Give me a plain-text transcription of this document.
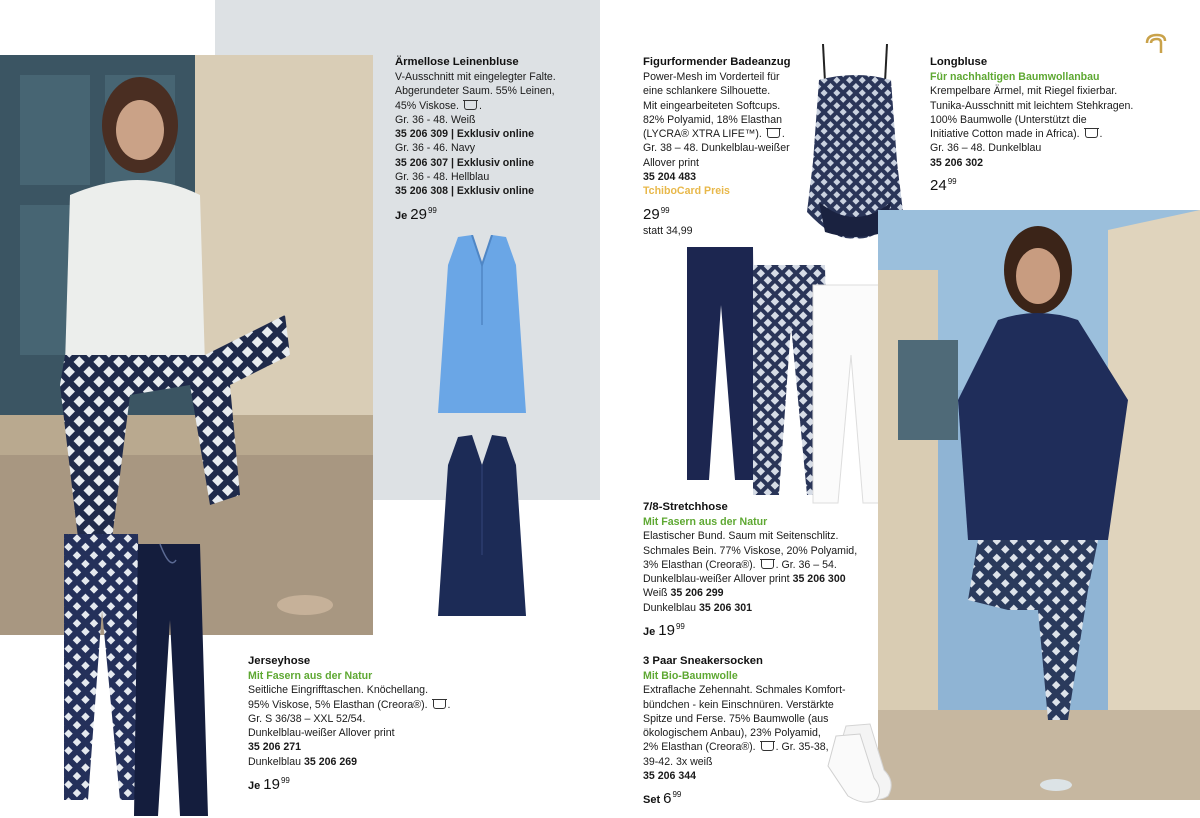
Ärmellose Leinenbluse
V-Ausschnitt mit eingelegter Falte.
Abgerundeter Saum. 55% Leinen,
45% Viskose. .
Gr. 36 - 48. Weiß
35 206 309 | Exklusiv online
Gr. 36 - 46. Navy
35 206 307 | Exklusiv online
Gr. 36 - 48. Hellblau
35 206 308 | Exklusiv online
Je $29^{99}$
Figurformender Badeanzug
Power-Mesh im Vorderteil für
eine schlankere Silhouette.
Mit eingearbeiteten Softcups.
82% Polyamid, 18% Elasthan
(LYCRA® XTRA LIFE™). .
Gr. 38 – 48. Dunkelblau-weißer
Allover print
35 204 483
TchiboCard Preis
$29^{99}$
statt 34,99
7/8-Stretchhose
Mit Fasern aus der Natur
Elastischer Bund. Saum mit Seitenschlitz.
Schmales Bein. 77% Viskose, 20% Polyamid,
3% Elasthan (Creora®). . Gr. 36 – 54.
Dunkelblau-weißer Allover print 35 206 300
Weiß 35 206 299
Dunkelblau 35 206 301
Je $19^{99}$
Longbluse
Für nachhaltigen Baumwollanbau
Krempelbare Ärmel, mit Riegel fixierbar.
Tunika-Ausschnitt mit leichtem Stehkragen.
100% Baumwolle (Unterstützt die
Initiative Cotton made in Africa). .
Gr. 36 – 48. Dunkelblau
35 206 302
$24^{99}$
Jerseyhose
Mit Fasern aus der Natur
Seitliche Eingrifftaschen. Knöchellang.
95% Viskose, 5% Elasthan (Creora®). .
Gr. S 36/38 – XXL 52/54.
Dunkelblau-weißer Allover print
35 206 271
Dunkelblau 35 206 269
Je $19^{99}$
3 Paar Sneakersocken
Mit Bio-Baumwolle
Extraflache Zehennaht. Schmales Komfort-
bündchen - kein Einschnüren. Verstärkte
Spitze und Ferse. 75% Baumwolle (aus
ökologischem Anbau), 23% Polyamid,
2% Elasthan (Creora®). . Gr. 35-38,
39-42. 3x weiß
35 206 344
Set $6^{99}$
